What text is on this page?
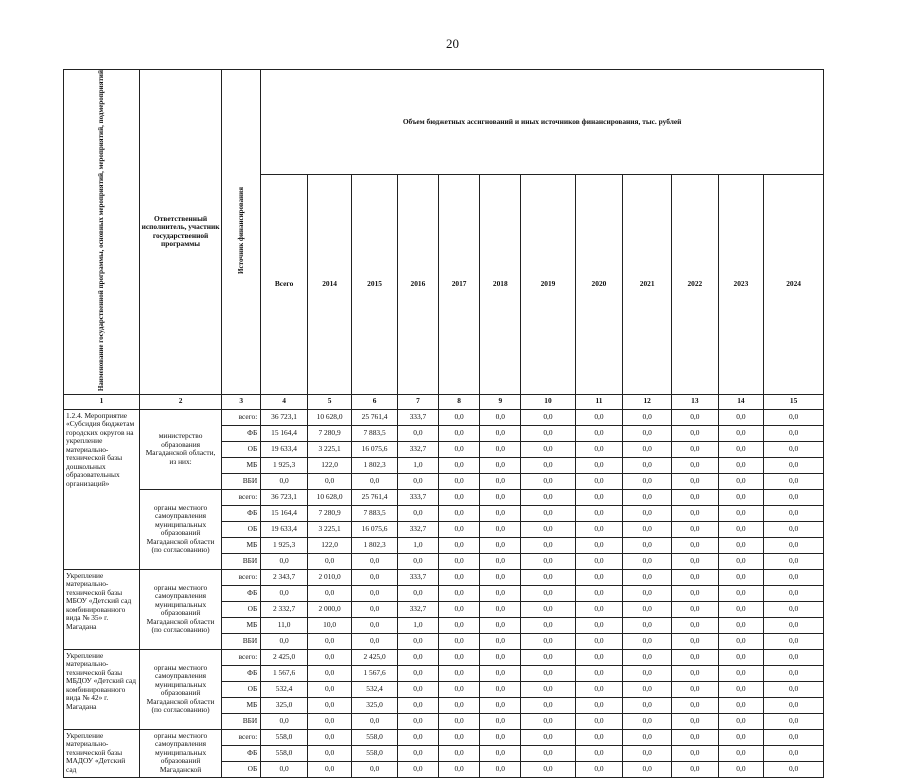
20
Наименование государственной программы, основных мероприятий, мероприятий, подмероприятий	Ответственный исполнитель, участник государственной программы	Источник финансирования	Объем бюджетных ассигнований и иных источников финансирования, тыс. рублей											
			Всего	2014	2015	2016	2017	2018	2019	2020	2021	2022	2023	2024
1	2	3	4	5	6	7	8	9	10	11	12	13	14	15
1.2.4. Мероприятие «Субсидия бюджетам городских округов на укрепление материально-технической базы дошкольных образовательных организаций»	министерство образования Магаданской области, из них:	всего:	36 723,1	10 628,0	25 761,4	333,7	0,0	0,0	0,0	0,0	0,0	0,0	0,0	0,0
		ФБ	15 164,4	7 280,9	7 883,5	0,0	0,0	0,0	0,0	0,0	0,0	0,0	0,0	0,0
		ОБ	19 633,4	3 225,1	16 075,6	332,7	0,0	0,0	0,0	0,0	0,0	0,0	0,0	0,0
		МБ	1 925,3	122,0	1 802,3	1,0	0,0	0,0	0,0	0,0	0,0	0,0	0,0	0,0
		ВБИ	0,0	0,0	0,0	0,0	0,0	0,0	0,0	0,0	0,0	0,0	0,0	0,0
	органы местного самоуправления муниципальных образований Магаданской области (по согласованию)	всего:	36 723,1	10 628,0	25 761,4	333,7	0,0	0,0	0,0	0,0	0,0	0,0	0,0	0,0
		ФБ	15 164,4	7 280,9	7 883,5	0,0	0,0	0,0	0,0	0,0	0,0	0,0	0,0	0,0
		ОБ	19 633,4	3 225,1	16 075,6	332,7	0,0	0,0	0,0	0,0	0,0	0,0	0,0	0,0
		МБ	1 925,3	122,0	1 802,3	1,0	0,0	0,0	0,0	0,0	0,0	0,0	0,0	0,0
		ВБИ	0,0	0,0	0,0	0,0	0,0	0,0	0,0	0,0	0,0	0,0	0,0	0,0
Укрепление материально-технической базы МБОУ «Детский сад комбинированного вида № 35» г. Магадана	органы местного самоуправления муниципальных образований Магаданской области (по согласованию)	всего:	2 343,7	2 010,0	0,0	333,7	0,0	0,0	0,0	0,0	0,0	0,0	0,0	0,0
		ФБ	0,0	0,0	0,0	0,0	0,0	0,0	0,0	0,0	0,0	0,0	0,0	0,0
		ОБ	2 332,7	2 000,0	0,0	332,7	0,0	0,0	0,0	0,0	0,0	0,0	0,0	0,0
		МБ	11,0	10,0	0,0	1,0	0,0	0,0	0,0	0,0	0,0	0,0	0,0	0,0
		ВБИ	0,0	0,0	0,0	0,0	0,0	0,0	0,0	0,0	0,0	0,0	0,0	0,0
Укрепление материально-технической базы МБДОУ «Детский сад комбинированного вида № 42» г. Магадана	органы местного самоуправления муниципальных образований Магаданской области (по согласованию)	всего:	2 425,0	0,0	2 425,0	0,0	0,0	0,0	0,0	0,0	0,0	0,0	0,0	0,0
		ФБ	1 567,6	0,0	1 567,6	0,0	0,0	0,0	0,0	0,0	0,0	0,0	0,0	0,0
		ОБ	532,4	0,0	532,4	0,0	0,0	0,0	0,0	0,0	0,0	0,0	0,0	0,0
		МБ	325,0	0,0	325,0	0,0	0,0	0,0	0,0	0,0	0,0	0,0	0,0	0,0
		ВБИ	0,0	0,0	0,0	0,0	0,0	0,0	0,0	0,0	0,0	0,0	0,0	0,0
Укрепление материально-технической базы МАДОУ «Детский сад	органы местного самоуправления муниципальных образований Магаданской	всего:	558,0	0,0	558,0	0,0	0,0	0,0	0,0	0,0	0,0	0,0	0,0	0,0
		ФБ	558,0	0,0	558,0	0,0	0,0	0,0	0,0	0,0	0,0	0,0	0,0	0,0
		ОБ	0,0	0,0	0,0	0,0	0,0	0,0	0,0	0,0	0,0	0,0	0,0	0,0
